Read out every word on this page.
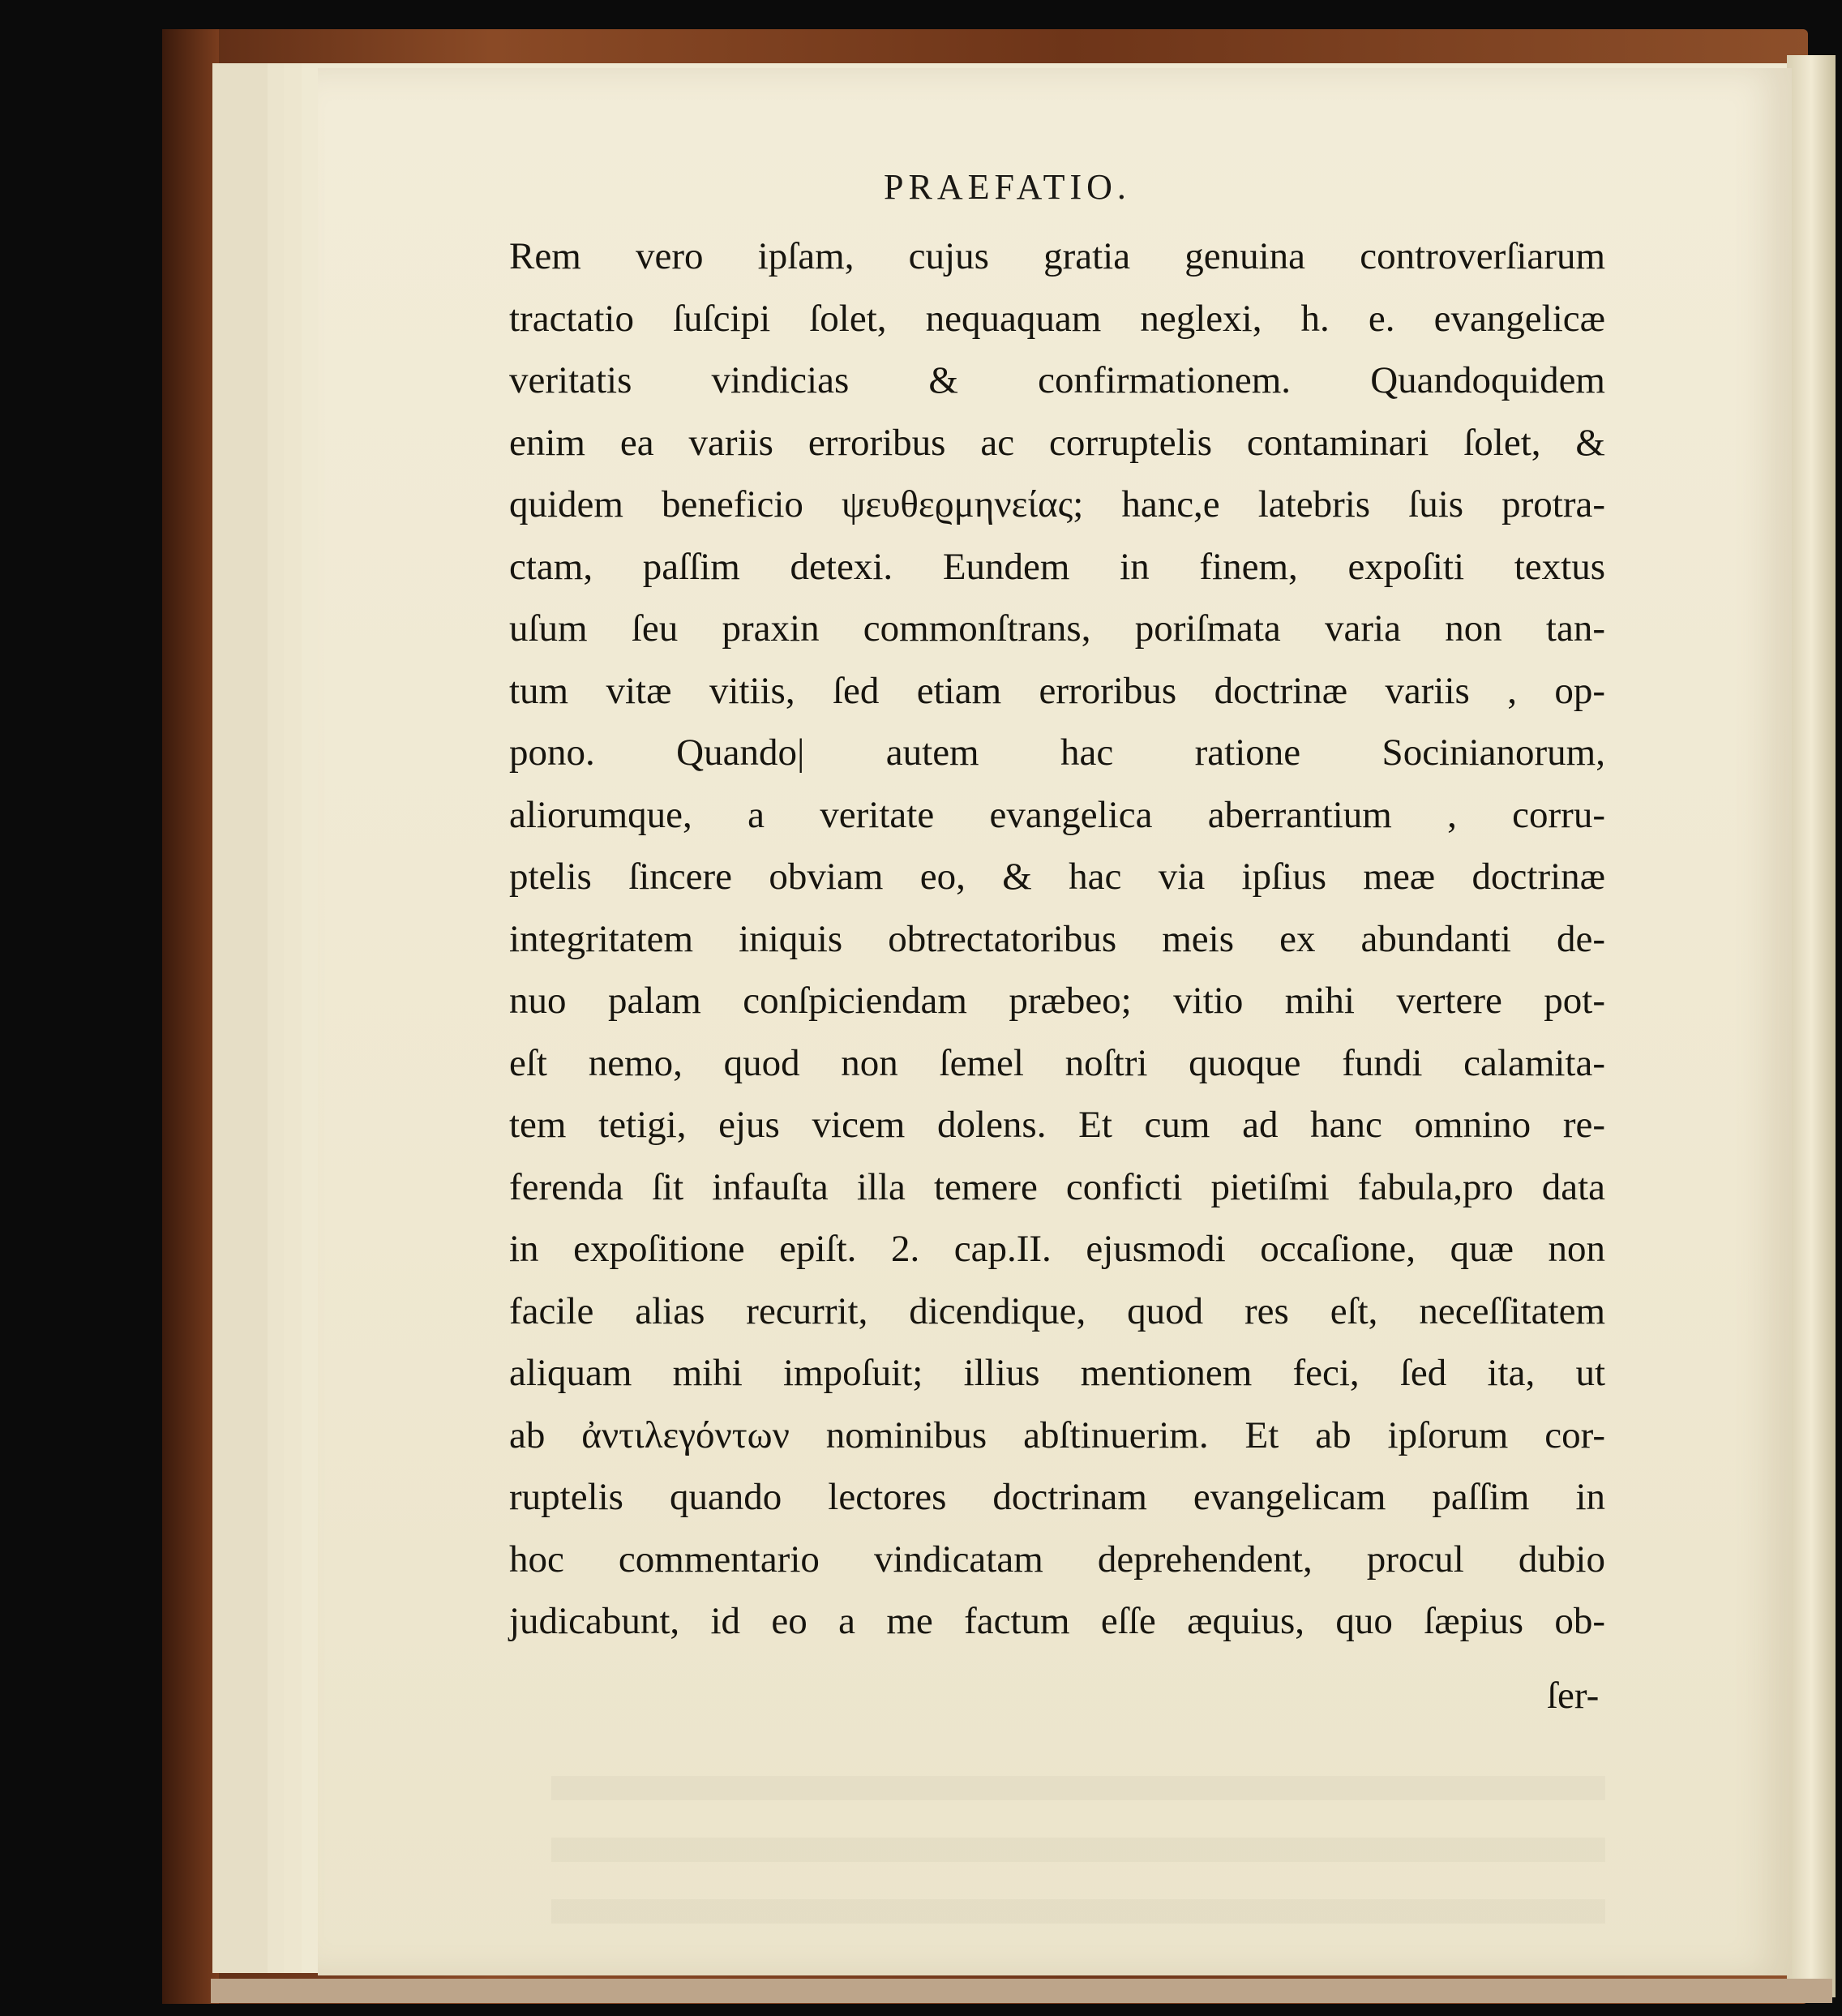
PRAEFATIO.
Rem vero ipſam, cujus gratia genuina controverſiarum
tractatio ſuſcipi ſolet, nequaquam neglexi, h. e. evangelicæ
veritatis vindicias & confirmationem. Quandoquidem
enim ea variis erroribus ac corruptelis contaminari ſolet, &
quidem beneficio ψευθεϱμηνείας; hanc,e latebris ſuis protra-
ctam, paſſim detexi. Eundem in finem, expoſiti textus
uſum ſeu praxin commonſtrans, poriſmata varia non tan-
tum vitæ vitiis, ſed etiam erroribus doctrinæ variis , op-
pono. Quando| autem hac ratione Socinianorum,
aliorumque, a veritate evangelica aberrantium , corru-
ptelis ſincere obviam eo, & hac via ipſius meæ doctrinæ
integritatem iniquis obtrectatoribus meis ex abundanti de-
nuo palam conſpiciendam præbeo; vitio mihi vertere pot-
eſt nemo, quod non ſemel noſtri quoque fundi calamita-
tem tetigi, ejus vicem dolens. Et cum ad hanc omnino re-
ferenda ſit infauſta illa temere conficti pietiſmi fabula,pro data
in expoſitione epiſt. 2. cap.II. ejusmodi occaſione, quæ non
facile alias recurrit, dicendique, quod res eſt, neceſſitatem
aliquam mihi impoſuit; illius mentionem feci, ſed ita, ut
ab ἀντιλεγόντων nominibus abſtinuerim. Et ab ipſorum cor-
ruptelis quando lectores doctrinam evangelicam paſſim in
hoc commentario vindicatam deprehendent, procul dubio
judicabunt, id eo a me factum eſſe æquius, quo ſæpius ob-
ſer-
